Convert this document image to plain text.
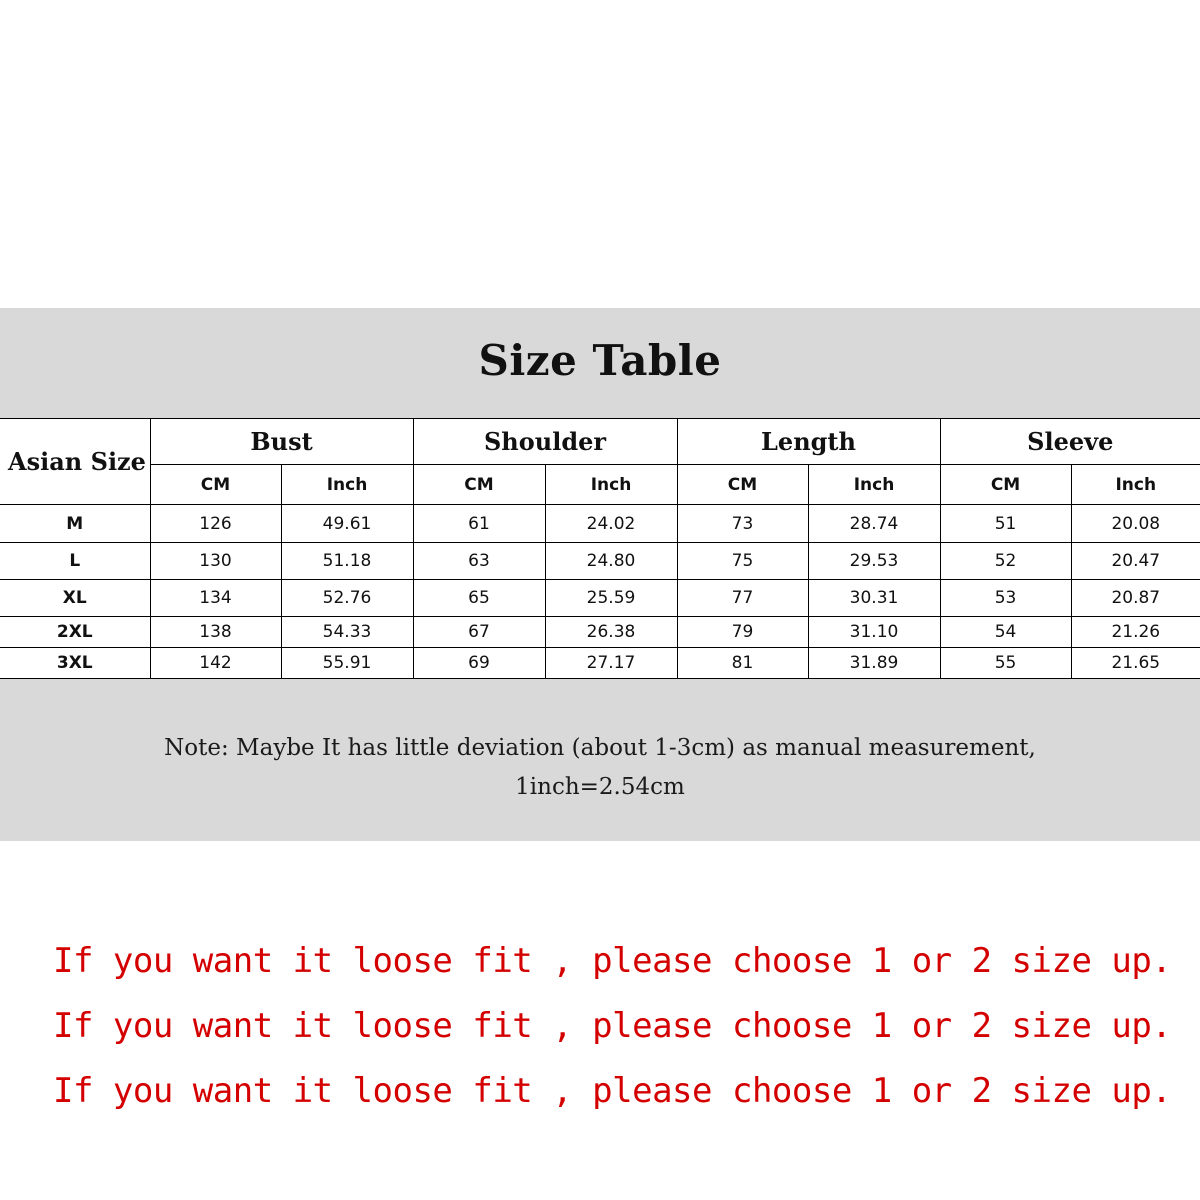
Size Table
Asian Size	Bust		Shoulder		Length		Sleeve	
	CM	Inch	CM	Inch	CM	Inch	CM	Inch
M	126	49.61	61	24.02	73	28.74	51	20.08
L	130	51.18	63	24.80	75	29.53	52	20.47
XL	134	52.76	65	25.59	77	30.31	53	20.87
2XL	138	54.33	67	26.38	79	31.10	54	21.26
3XL	142	55.91	69	27.17	81	31.89	55	21.65
Note: Maybe It has little deviation (about 1-3cm) as manual measurement,
1inch=2.54cm
If you want it loose fit , please choose 1 or 2 size up.
If you want it loose fit , please choose 1 or 2 size up.
If you want it loose fit , please choose 1 or 2 size up.
